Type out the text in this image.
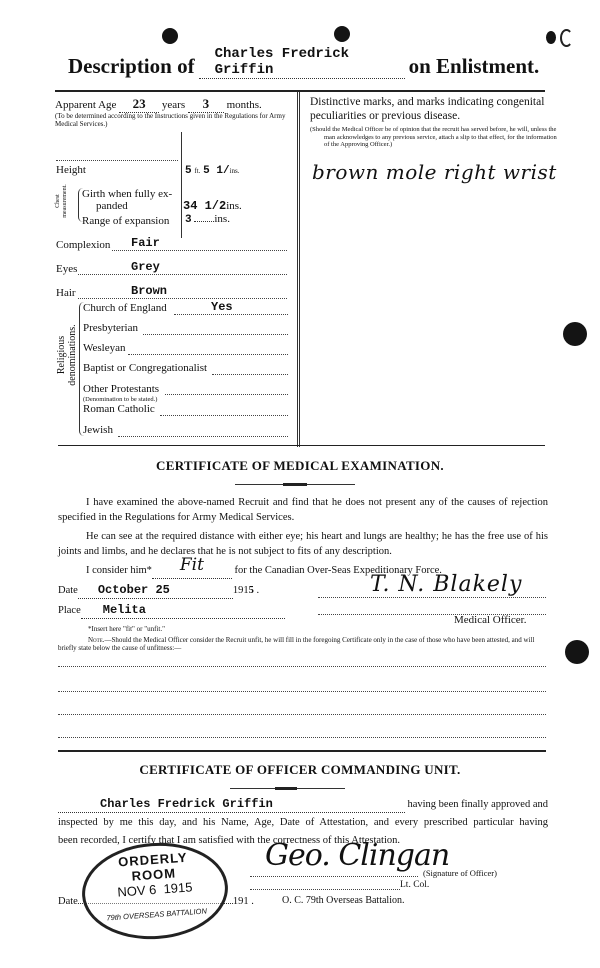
Description of Charles Fredrick Griffin	on Enlistment.
Apparent Age 23 years 3 months.
(To be determined according to the Instructions given in the Regulations for Army Medical Services.)
Height	5 ft. 5 1/ins.
Chest measurement. Girth when fully ex-
panded	34 1/2ins.
Range of expansion 3 ins.
Complexion Fair
Eyes	Grey
Hair	Brown
Religious denominations.
Church of England	Yes
Presbyterian
Wesleyan
Baptist or Congregationalist
Other Protestants
(Denomination to be stated.)
Roman Catholic
Jewish
Distinctive marks, and marks indicating congenital
peculiarities or previous disease.
(Should the Medical Officer be of opinion that the recruit has served before, he will, unless the man acknowledges to any previous service, attach a slip to that effect, for the information of the Approving Officer.)
brown mole right wrist
CERTIFICATE OF MEDICAL EXAMINATION.
I have examined the above-named Recruit and find that he does not present any of the causes of rejection specified in the Regulations for Army Medical Services.
He can see at the required distance with either eye; his heart and lungs are healthy; he has the free use of his joints and limbs, and he declares that he is not subject to fits of any description.
I consider him* Fit	for the Canadian Over-Seas Expeditionary Force.
Date October 25	1915 .	T. N. Blakely
Place Melita
Medical Officer.
*Insert here "fit" or "unfit."
Note.—Should the Medical Officer consider the Recruit unfit, he will fill in the foregoing Certificate only in the case of those who have been attested, and will briefly state below the cause of unfitness:—
CERTIFICATE OF OFFICER COMMANDING UNIT.
Charles Fredrick Griffin	having been finally approved and
inspected by me this day, and his Name, Age, Date of Attestation, and every prescribed particular having
been recorded, I certify that I am satisfied with the correctness of this Attestation.
Geo. Clingan
(Signature of Officer)
Lt. Col.
O. C. 79th Overseas Battalion.
Date	191 .
ORDERLY ROOM
NOV 6  1915
79th OVERSEAS BATTALION
